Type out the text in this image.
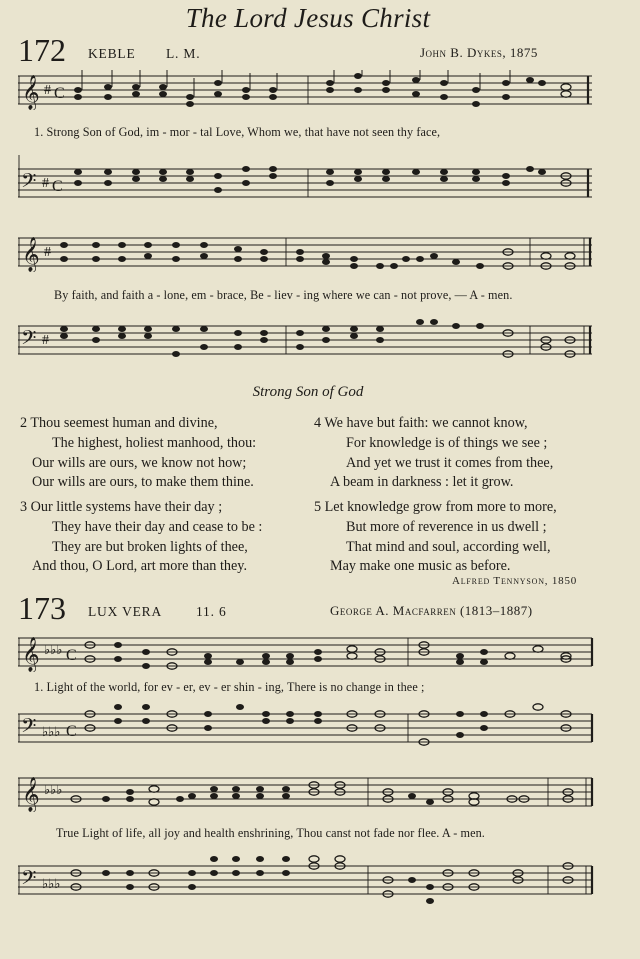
The Lord Jesus Christ
172 KEBLE L. M.	John B. Dykes, 1875
𝄞 # C
1. Strong Son of God, im - mor - tal Love, Whom we, that have not seen thy face,
𝄢 # C
𝄞 #
By faith, and faith a - lone, em - brace, Be - liev - ing where we can - not prove, — A - men.
𝄢 #
Strong Son of God
2 Thou seemest human and divine,
The highest, holiest manhood, thou:
Our wills are ours, we know not how;
Our wills are ours, to make them thine.
3 Our little systems have their day ;
They have their day and cease to be :
They are but broken lights of thee,
And thou, O Lord, art more than they.
4 We have but faith: we cannot know,
For knowledge is of things we see ;
And yet we trust it comes from thee,
A beam in darkness : let it grow.
5 Let knowledge grow from more to more,
But more of reverence in us dwell ;
That mind and soul, according well,
May make one music as before.
Alfred Tennyson, 1850
173 LUX VERA	11. 6	George A. Macfarren (1813–1887)
𝄞 ♭♭♭ C
1. Light of the world, for ev - er, ev - er shin - ing, There is no change in thee ;
𝄢 ♭♭♭ C
𝄞 ♭♭♭
True Light of life, all joy and health enshrining, Thou canst not fade nor flee. A - men.
𝄢 ♭♭♭
